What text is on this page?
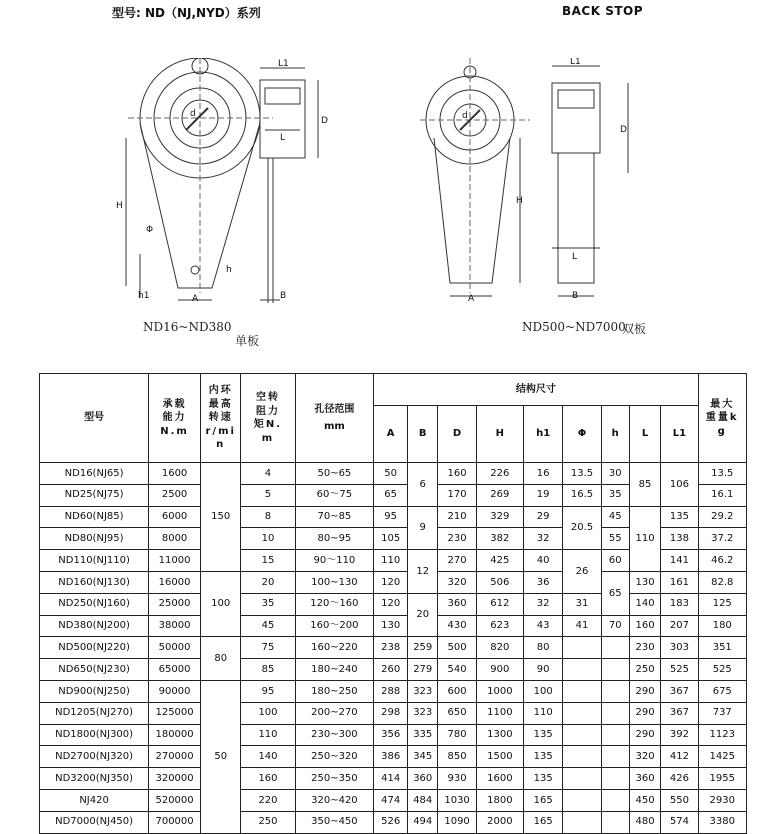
型号: ND（NJ,NYD）系列	BACK STOP
L1
L
D
H
A	B
h1
h
Φ
d
ND16~ND380
单板
L1
L
D
H
A	B
d
ND500~ND7000
双板
型号	承载能力N.m	内环最高转速r/min	空转阻力矩N.m	孔径范围
mm	结构尺寸									最大重量kg
					A	B	D	H	h1	Φ	h	L	L1	
ND16(NJ65)	1600	150	4	50~65	50	6	160	226	16	13.5	30	85	106	13.5
ND25(NJ75)	2500		5	60～75	65		170	269	19	16.5	35			16.1
ND60(NJ85)	6000		8	70~85	95	9	210	329	29	20.5	45	110	135	29.2
ND80(NJ95)	8000		10	80~95	105		230	382	32		55		138	37.2
ND110(NJ110)	11000		15	90～110	110	12	270	425	40	26	60		141	46.2
ND160(NJ130)	16000	100	20	100~130	120		320	506	36		65	130	161	82.8
ND250(NJ160)	25000		35	120～160	120	20	360	612	32	31		140	183	125
ND380(NJ200)	38000		45	160～200	130		430	623	43	41	70	160	207	180
ND500(NJ220)	50000	80	75	160~220	238	259	500	820	80			230	303	351
ND650(NJ230)	65000		85	180~240	260	279	540	900	90			250	525	525
ND900(NJ250)	90000	50	95	180~250	288	323	600	1000	100			290	367	675
ND1205(NJ270)	125000		100	200~270	298	323	650	1100	110			290	367	737
ND1800(NJ300)	180000		110	230~300	356	335	780	1300	135			290	392	1123
ND2700(NJ320)	270000		140	250~320	386	345	850	1500	135			320	412	1425
ND3200(NJ350)	320000		160	250~350	414	360	930	1600	135			360	426	1955
NJ420	520000		220	320~420	474	484	1030	1800	165			450	550	2930
ND7000(NJ450)	700000		250	350~450	526	494	1090	2000	165			480	574	3380
